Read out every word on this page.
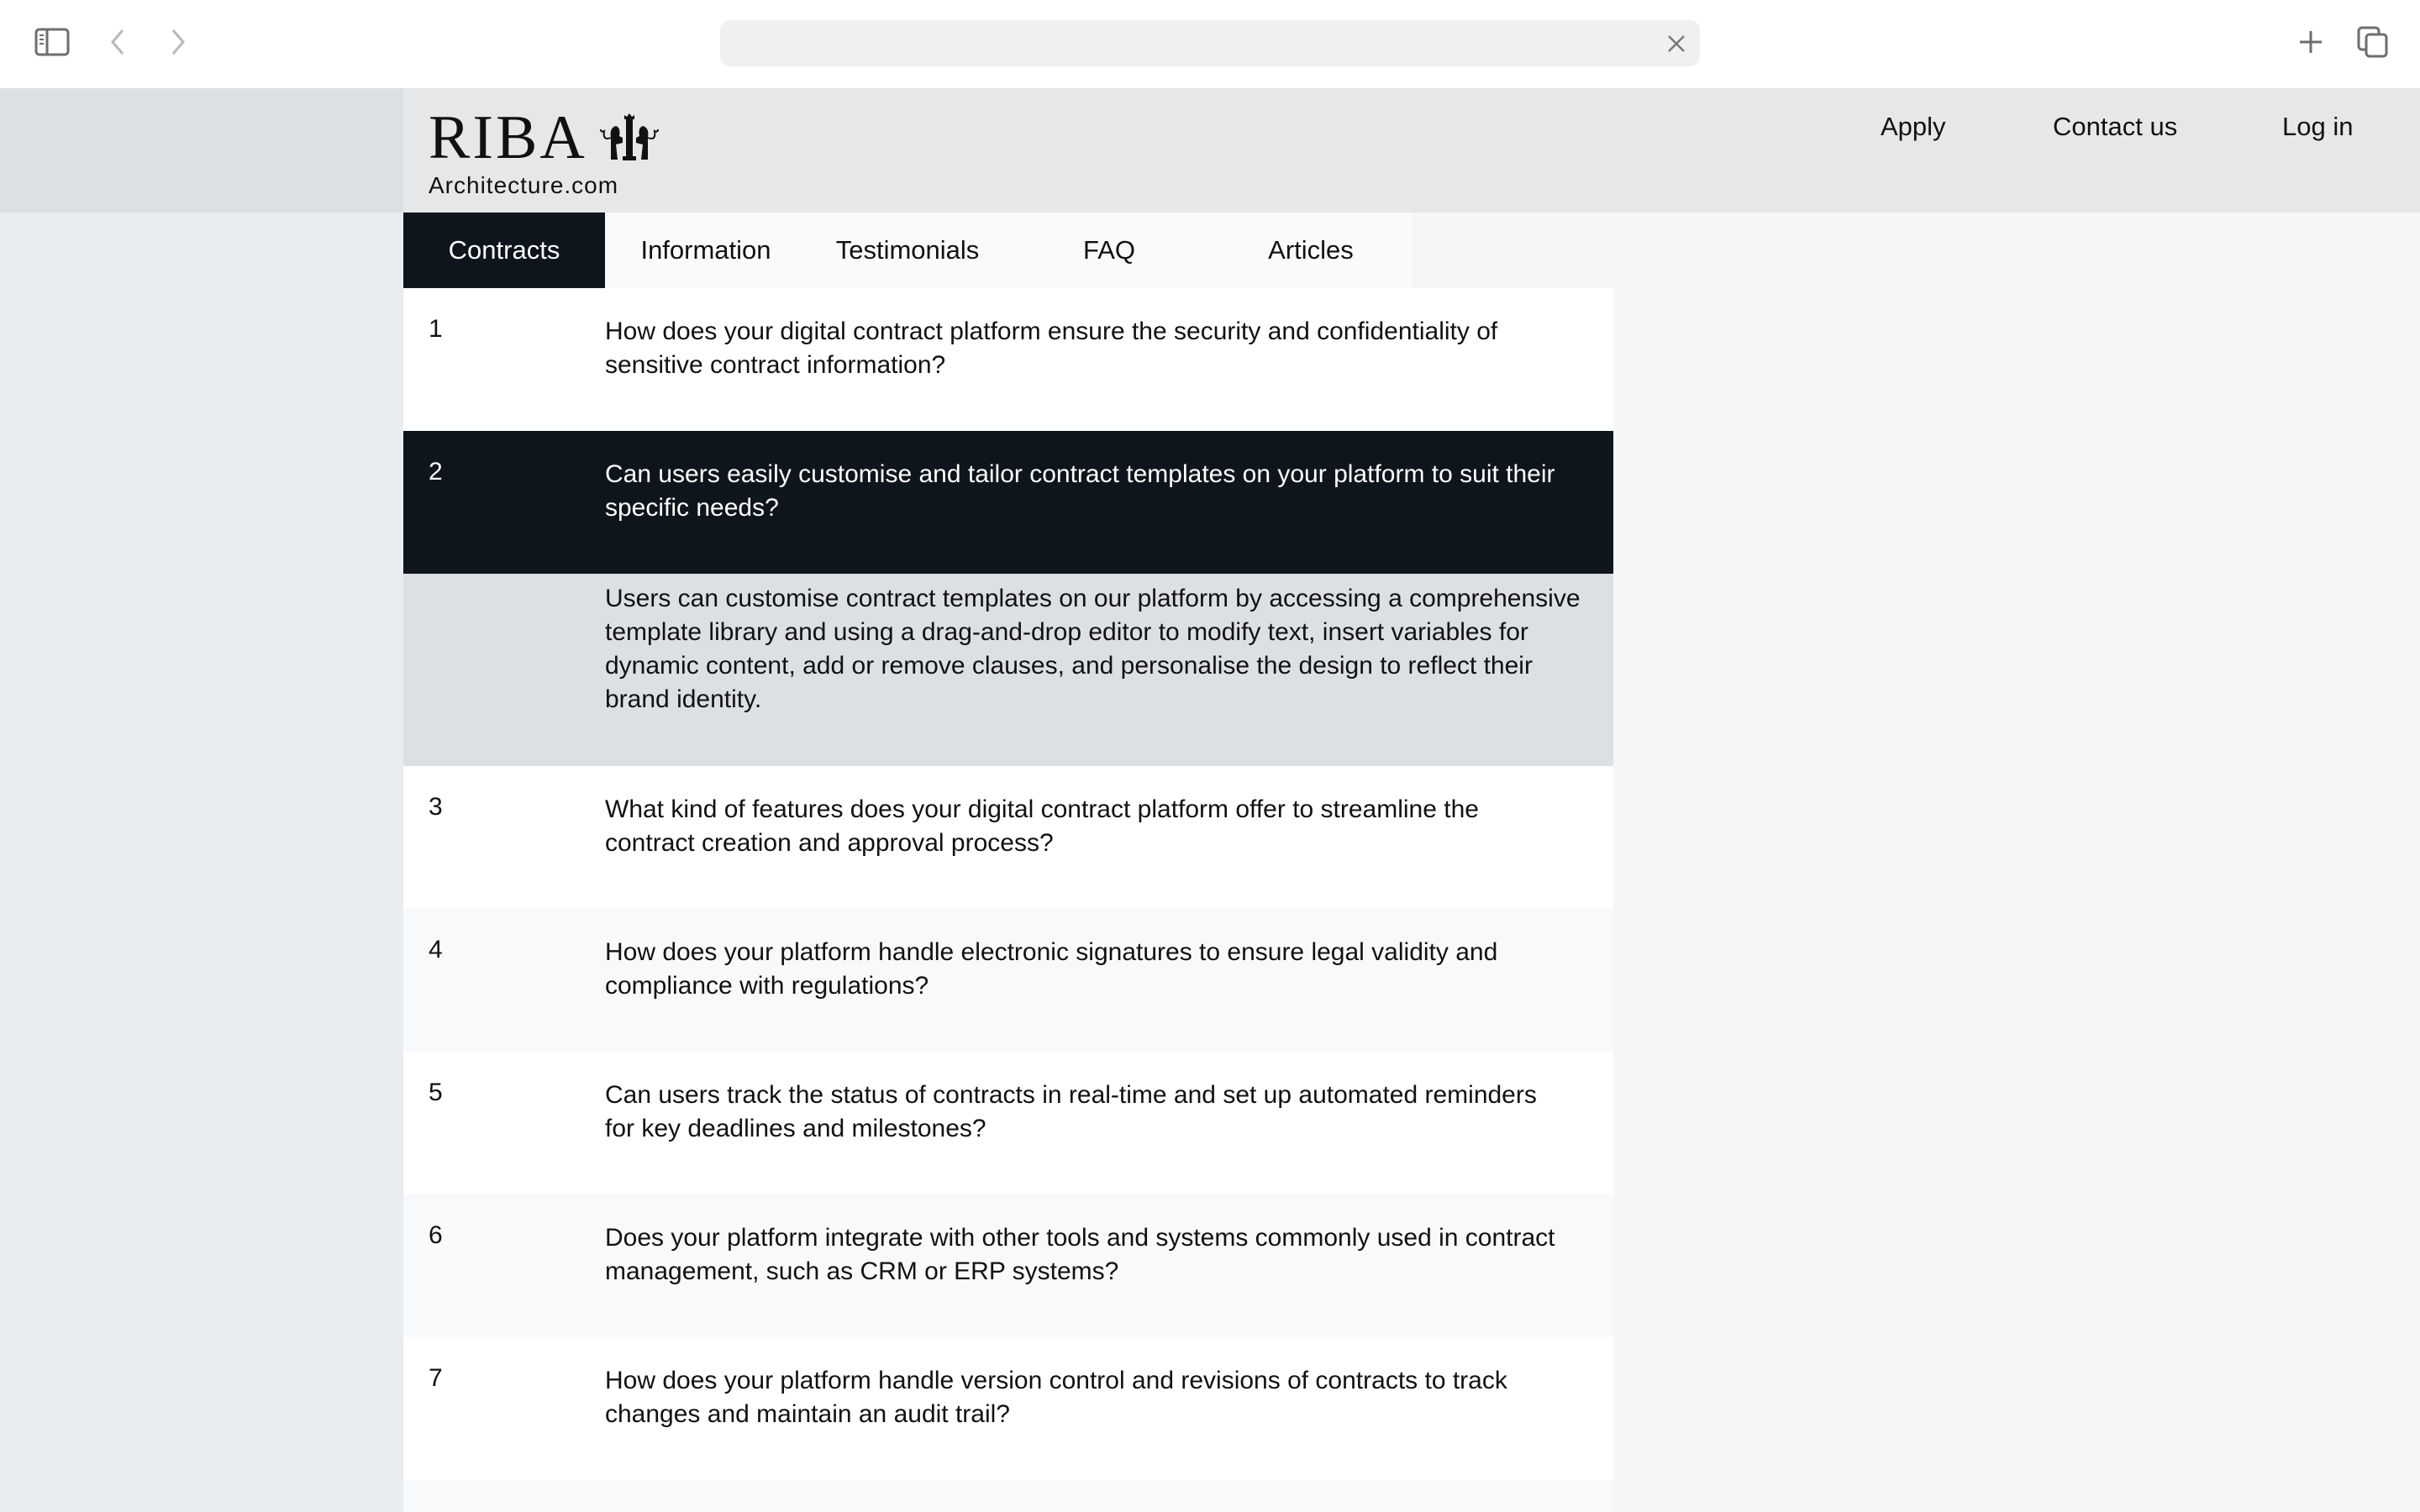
RIBA
Architecture.com
Apply	Contact us	Log in
Contracts	Information	Testimonials	FAQ	Articles
1	How does your digital contract platform ensure the security and confidentiality of sensitive contract information?
2	Can users easily customise and tailor contract templates on your platform to suit their specific needs?
Users can customise contract templates on our platform by accessing a comprehensive template library and using a drag-and-drop editor to modify text, insert variables for dynamic content, add or remove clauses, and personalise the design to reflect their brand identity.
3	What kind of features does your digital contract platform offer to streamline the contract creation and approval process?
4	How does your platform handle electronic signatures to ensure legal validity and compliance with regulations?
5	Can users track the status of contracts in real-time and set up automated reminders for key deadlines and milestones?
6	Does your platform integrate with other tools and systems commonly used in contract management, such as CRM or ERP systems?
7	How does your platform handle version control and revisions of contracts to track changes and maintain an audit trail?
